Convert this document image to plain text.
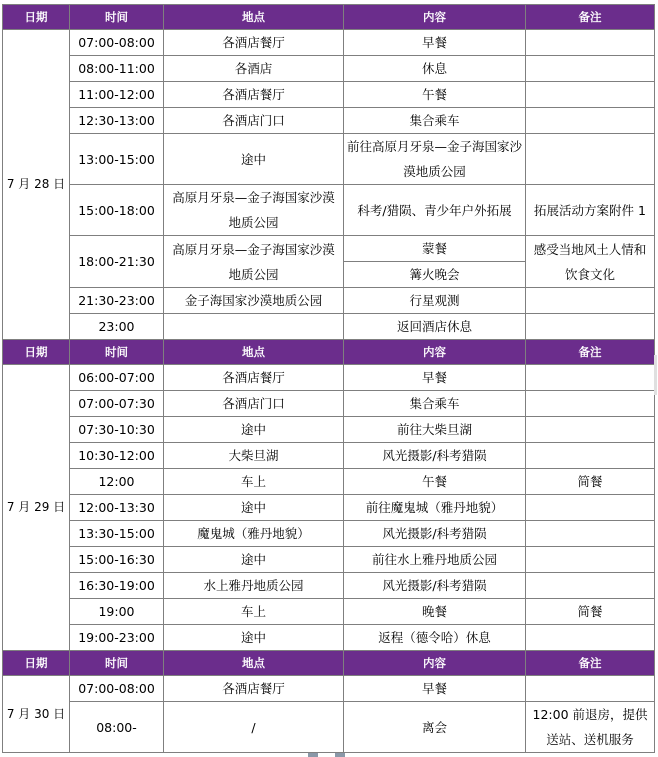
日期	时间	地点	内容	备注
7 月 28 日	07:00-08:00	各酒店餐厅	早餐	
	08:00-11:00	各酒店	休息	
	11:00-12:00	各酒店餐厅	午餐	
	12:30-13:00	各酒店门口	集合乘车	
	13:00-15:00	途中	前往高原月牙泉—金子海国家沙漠地质公园	
	15:00-18:00	高原月牙泉—金子海国家沙漠地质公园	科考/猎陨、青少年户外拓展	拓展活动方案附件 1
	18:00-21:30	高原月牙泉—金子海国家沙漠地质公园	蒙餐	感受当地风土人情和饮食文化
			篝火晚会	
	21:30-23:00	金子海国家沙漠地质公园	行星观测	
	23:00		返回酒店休息	
日期	时间	地点	内容	备注
7 月 29 日	06:00-07:00	各酒店餐厅	早餐	
	07:00-07:30	各酒店门口	集合乘车	
	07:30-10:30	途中	前往大柴旦湖	
	10:30-12:00	大柴旦湖	风光摄影/科考猎陨	
	12:00	车上	午餐	简餐
	12:00-13:30	途中	前往魔鬼城（雅丹地貌）	
	13:30-15:00	魔鬼城（雅丹地貌）	风光摄影/科考猎陨	
	15:00-16:30	途中	前往水上雅丹地质公园	
	16:30-19:00	水上雅丹地质公园	风光摄影/科考猎陨	
	19:00	车上	晚餐	简餐
	19:00-23:00	途中	返程（德令哈）休息	
日期	时间	地点	内容	备注
7 月 30 日	07:00-08:00	各酒店餐厅	早餐	
	08:00-	/	离会	12:00 前退房，提供送站、送机服务
